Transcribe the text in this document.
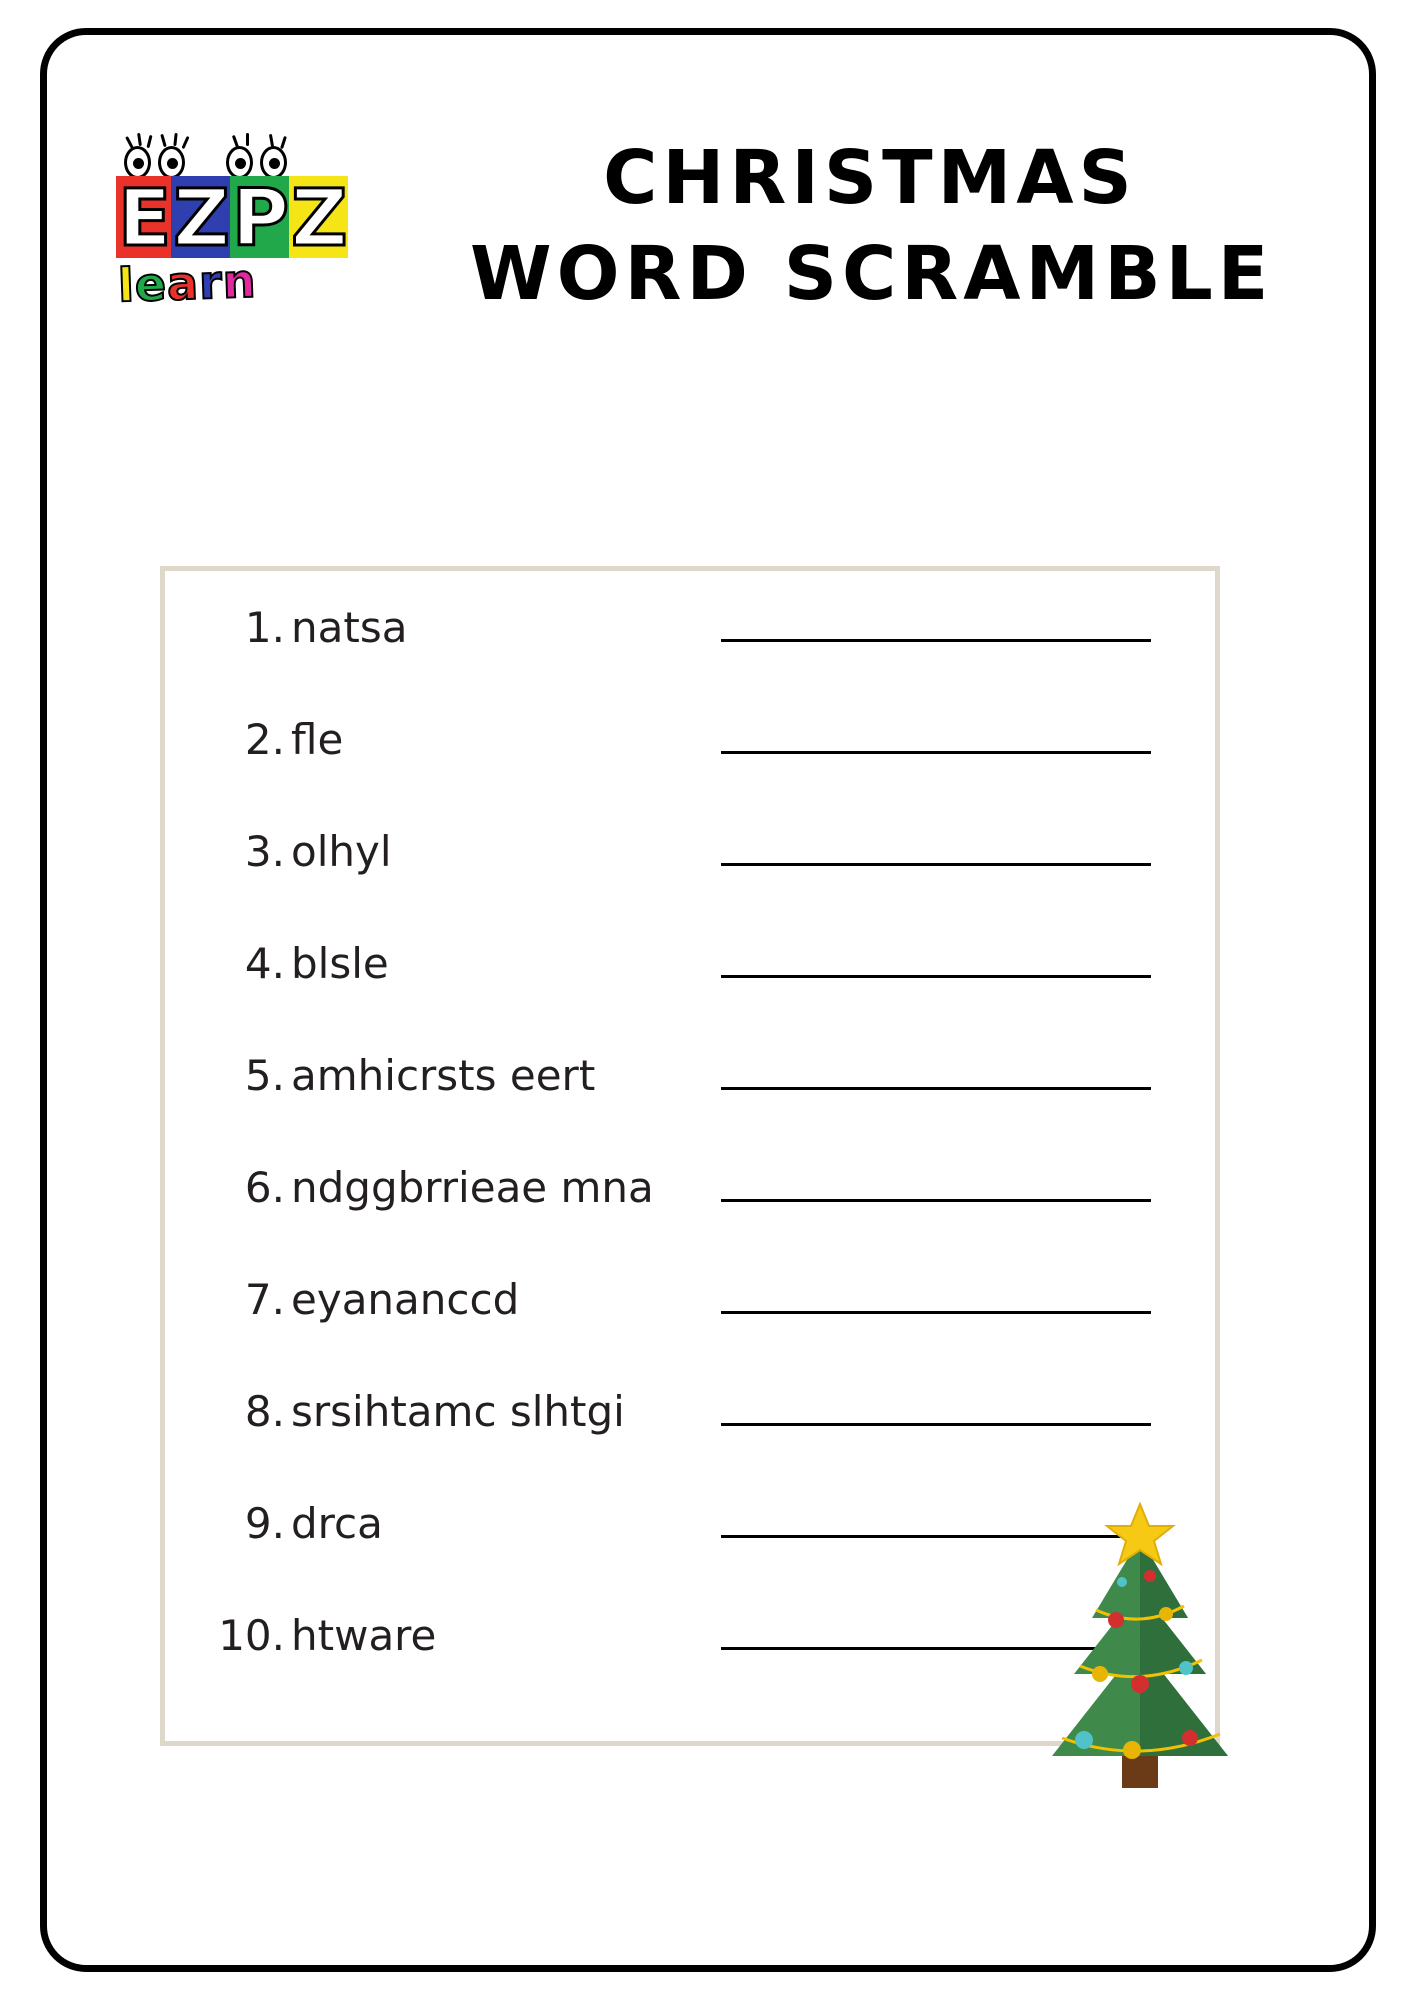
E Z P Z
learn
CHRISTMAS
WORD SCRAMBLE
1. natsa
2. fle
3. olhyl
4. blsle
5. amhicrsts eert
6. ndggbrrieae mna
7. eyananccd
8. srsihtamc slhtgi
9. drca
10. htware
